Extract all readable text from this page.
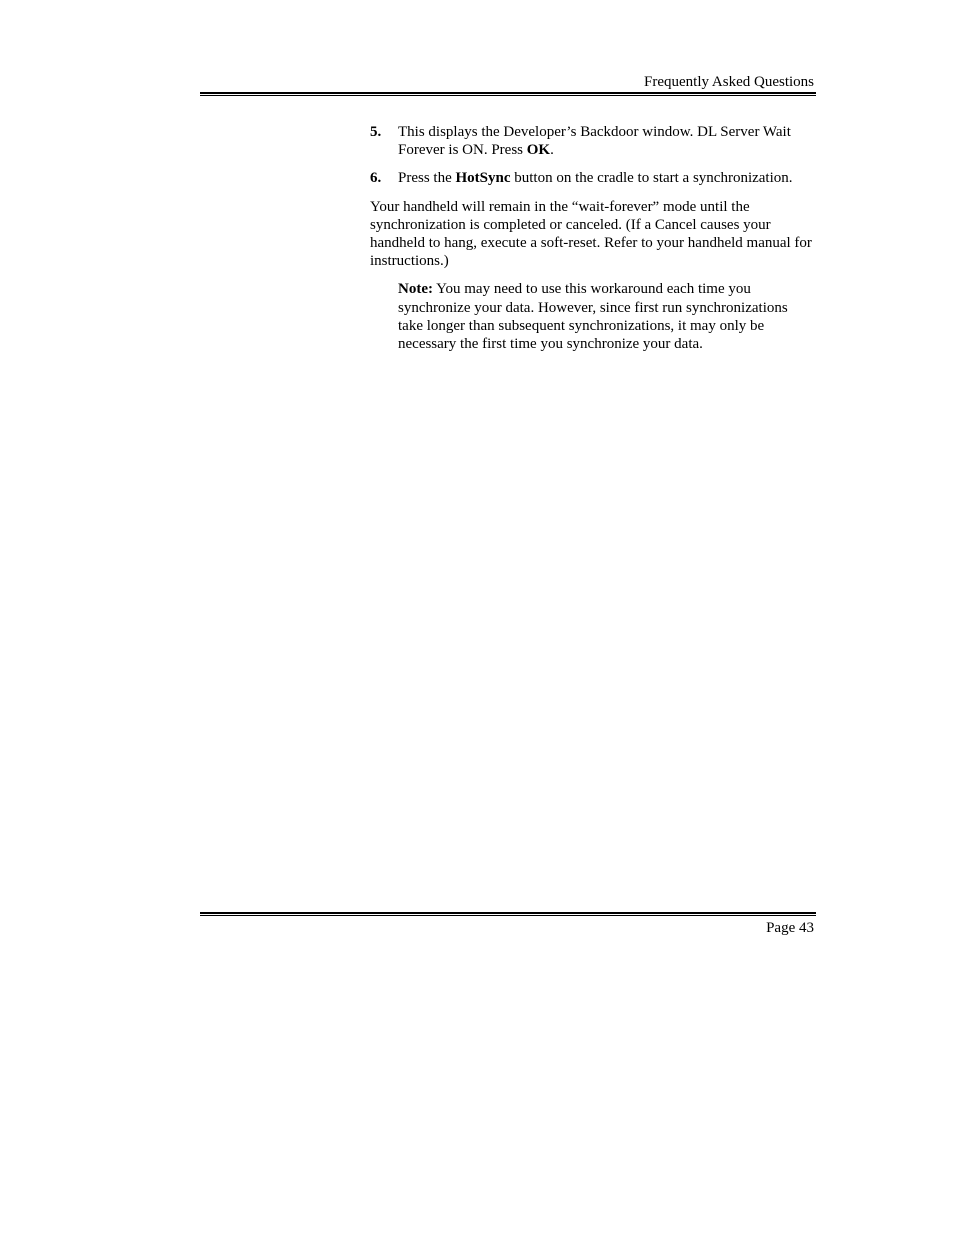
Frequently Asked Questions
5.	This displays the Developer’s Backdoor window. DL Server Wait Forever is ON. Press OK.
6.	Press the HotSync button on the cradle to start a synchronization.

Your handheld will remain in the “wait-forever” mode until the synchronization is completed or canceled. (If a Cancel causes your handheld to hang, execute a soft-reset. Refer to your handheld manual for instructions.)

Note: You may need to use this workaround each time you synchronize your data. However, since first run synchronizations take longer than subsequent synchronizations, it may only be necessary the first time you synchronize your data.

Page 43
